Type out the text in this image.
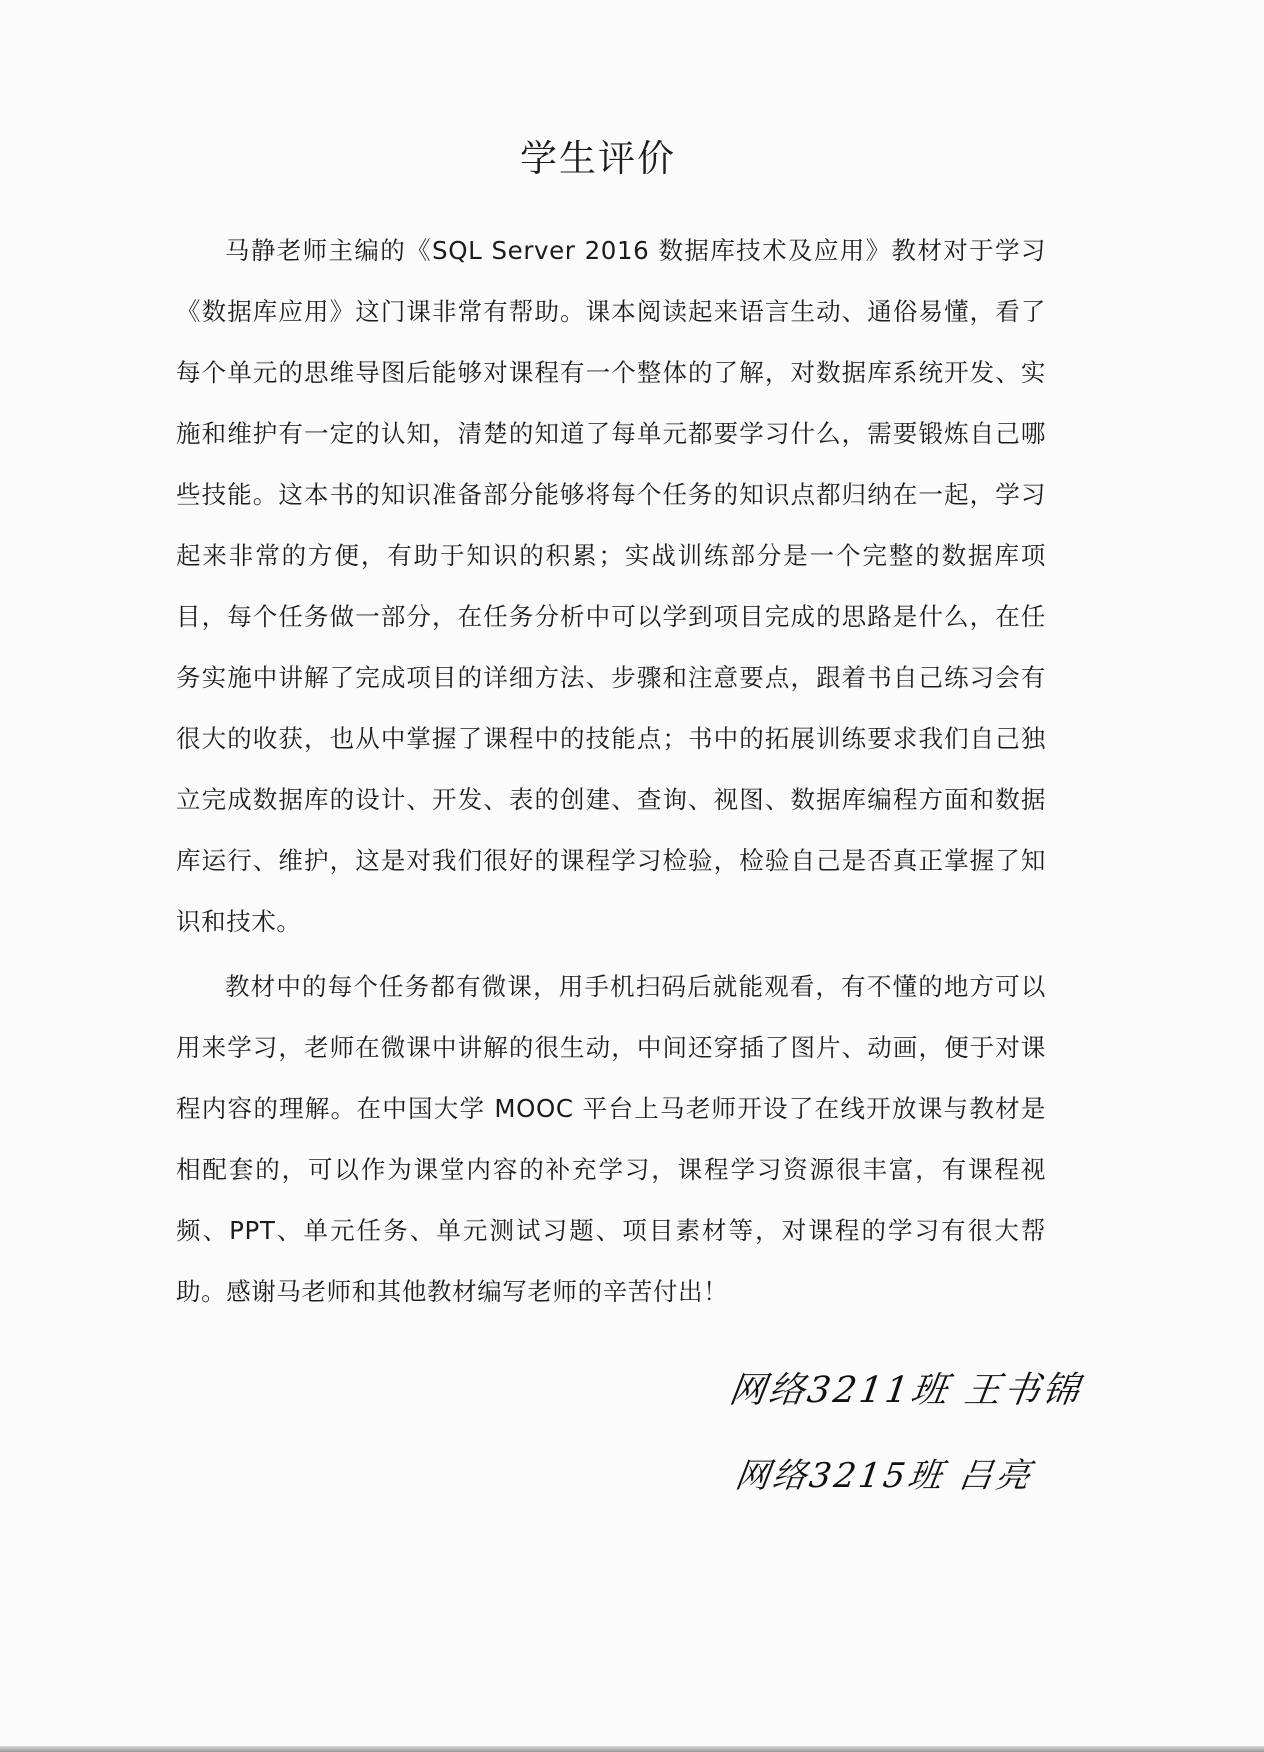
学生评价

马静老师主编的《SQL Server 2016 数据库技术及应用》教材对于学习《数据库应用》这门课非常有帮助。课本阅读起来语言生动、通俗易懂，看了每个单元的思维导图后能够对课程有一个整体的了解，对数据库系统开发、实施和维护有一定的认知，清楚的知道了每单元都要学习什么，需要锻炼自己哪些技能。这本书的知识准备部分能够将每个任务的知识点都归纳在一起，学习起来非常的方便，有助于知识的积累；实战训练部分是一个完整的数据库项目，每个任务做一部分，在任务分析中可以学到项目完成的思路是什么，在任务实施中讲解了完成项目的详细方法、步骤和注意要点，跟着书自己练习会有很大的收获，也从中掌握了课程中的技能点；书中的拓展训练要求我们自己独立完成数据库的设计、开发、表的创建、查询、视图、数据库编程方面和数据库运行、维护，这是对我们很好的课程学习检验，检验自己是否真正掌握了知识和技术。

教材中的每个任务都有微课，用手机扫码后就能观看，有不懂的地方可以用来学习，老师在微课中讲解的很生动，中间还穿插了图片、动画，便于对课程内容的理解。在中国大学 MOOC 平台上马老师开设了在线开放课与教材是相配套的，可以作为课堂内容的补充学习，课程学习资源很丰富，有课程视频、PPT、单元任务、单元测试习题、项目素材等，对课程的学习有很大帮助。感谢马老师和其他教材编写老师的辛苦付出！

网络3211班 王书锦
网络3215班 吕亮
